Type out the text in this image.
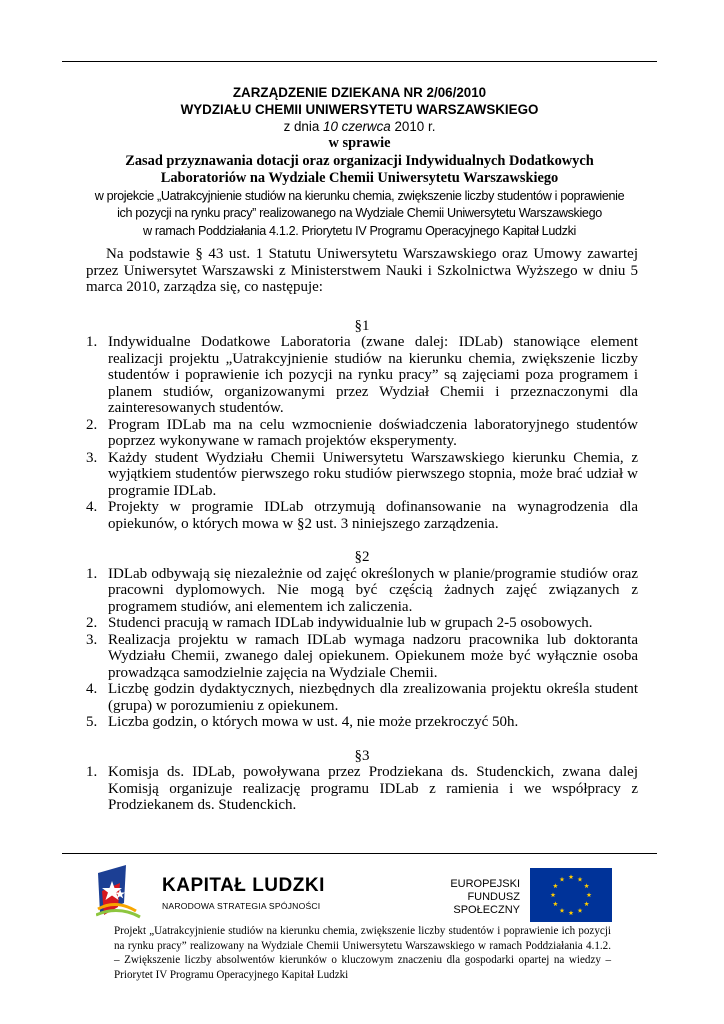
ZARZĄDZENIE DZIEKANA NR 2/06/2010
WYDZIAŁU CHEMII UNIWERSYTETU WARSZAWSKIEGO
z dnia 10 czerwca 2010 r.
w sprawie
Zasad przyznawania dotacji oraz organizacji Indywidualnych Dodatkowych
Laboratoriów na Wydziale Chemii Uniwersytetu Warszawskiego
w projekcie „Uatrakcyjnienie studiów na kierunku chemia, zwiększenie liczby studentów i poprawienie
ich pozycji na rynku pracy” realizowanego na Wydziale Chemii Uniwersytetu Warszawskiego
w ramach Poddziałania 4.1.2. Priorytetu IV Programu Operacyjnego Kapitał Ludzki

Na podstawie § 43 ust. 1 Statutu Uniwersytetu Warszawskiego oraz Umowy zawartej przez Uniwersytet Warszawski z Ministerstwem Nauki i Szkolnictwa Wyższego w dniu 5 marca 2010, zarządza się, co następuje:

§1

1. Indywidualne Dodatkowe Laboratoria (zwane dalej: IDLab) stanowiące element realizacji projektu „Uatrakcyjnienie studiów na kierunku chemia, zwiększenie liczby studentów i poprawienie ich pozycji na rynku pracy” są zajęciami poza programem i planem studiów, organizowanymi przez Wydział Chemii i przeznaczonymi dla zainteresowanych studentów.
2. Program IDLab ma na celu wzmocnienie doświadczenia laboratoryjnego studentów poprzez wykonywane w ramach projektów eksperymenty.
3. Każdy student Wydziału Chemii Uniwersytetu Warszawskiego kierunku Chemia, z wyjątkiem studentów pierwszego roku studiów pierwszego stopnia, może brać udział w programie IDLab.
4. Projekty w programie IDLab otrzymują dofinansowanie na wynagrodzenia dla opiekunów, o których mowa w §2 ust. 3 niniejszego zarządzenia.

§2

1. IDLab odbywają się niezależnie od zajęć określonych w planie/programie studiów oraz pracowni dyplomowych. Nie mogą być częścią żadnych zajęć związanych z programem studiów, ani elementem ich zaliczenia.
2. Studenci pracują w ramach IDLab indywidualnie lub w grupach 2-5 osobowych.
3. Realizacja projektu w ramach IDLab wymaga nadzoru pracownika lub doktoranta Wydziału Chemii, zwanego dalej opiekunem. Opiekunem może być wyłącznie osoba prowadząca samodzielnie zajęcia na Wydziale Chemii.
4. Liczbę godzin dydaktycznych, niezbędnych dla zrealizowania projektu określa student (grupa) w porozumieniu z opiekunem.
5. Liczba godzin, o których mowa w ust. 4, nie może przekroczyć 50h.

§3

1. Komisja ds. IDLab, powoływana przez Prodziekana ds. Studenckich, zwana dalej Komisją organizuje realizację programu IDLab z ramienia i we współpracy z Prodziekanem ds. Studenckich.
KAPITAŁ LUDZKI
NARODOWA STRATEGIA SPÓJNOŚCI
EUROPEJSKI
FUNDUSZ SPOŁECZNY
Projekt „Uatrakcyjnienie studiów na kierunku chemia, zwiększenie liczby studentów i poprawienie ich pozycji na rynku pracy” realizowany na Wydziale Chemii Uniwersytetu Warszawskiego w ramach Poddziałania 4.1.2. – Zwiększenie liczby absolwentów kierunków o kluczowym znaczeniu dla gospodarki opartej na wiedzy – Priorytet IV Programu Operacyjnego Kapitał Ludzki
